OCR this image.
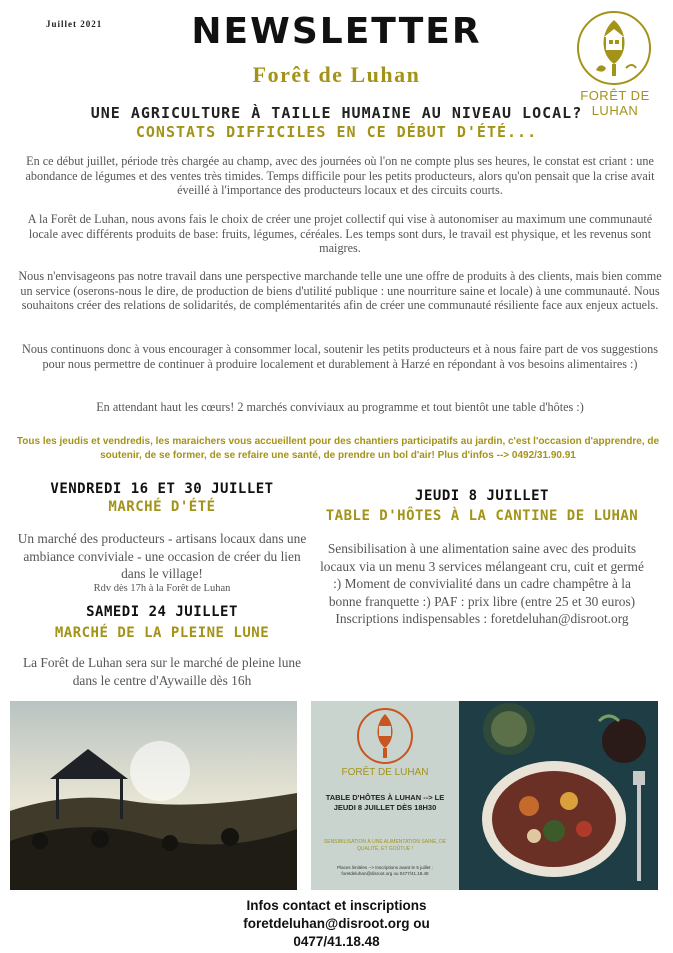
Juillet 2021	NEWSLETTER
Forêt de Luhan
FORÊT DE LUHAN
UNE AGRICULTURE À TAILLE HUMAINE AU NIVEAU LOCAL?
CONSTATS DIFFICILES EN CE DÉBUT D'ÉTÉ...

En ce début juillet, période très chargée au champ, avec des journées où l'on ne compte plus ses heures, le constat est criant : une abondance de légumes et des ventes très timides. Temps difficile pour les petits producteurs, alors qu'on pensait que la crise avait éveillé à l'importance des producteurs locaux et des circuits courts.

A la Forêt de Luhan, nous avons fais le choix de créer une projet collectif qui vise à autonomiser au maximum une communauté locale avec différents produits de base: fruits, légumes, céréales. Les temps sont durs, le travail est physique, et les revenus sont maigres.

Nous n'envisageons pas notre travail dans une perspective marchande telle une une offre de produits à des clients, mais bien comme un service (oserons-nous le dire, de production de biens d'utilité publique : une nourriture saine et locale) à une communauté. Nous souhaitons créer des relations de solidarités, de complémentarités afin de créer une communauté résiliente face aux enjeux actuels.

Nous continuons donc à vous encourager à consommer local, soutenir les petits producteurs et à nous faire part de vos suggestions pour nous permettre de continuer à produire localement et durablement à Harzé en répondant à vos besoins alimentaires :)

En attendant haut les cœurs! 2 marchés conviviaux au programme et tout bientôt une table d'hôtes :)

Tous les jeudis et vendredis, les maraichers vous accueillent pour des chantiers participatifs au jardin, c'est l'occasion d'apprendre, de soutenir, de se former, de se refaire une santé, de prendre un bol d'air! Plus d'infos --> 0492/31.90.91

VENDREDI 16 ET 30 JUILLET
MARCHÉ D'ÉTÉ

Un marché des producteurs - artisans locaux dans une ambiance conviviale - une occasion de créer du lien dans le village!

Rdv dès 17h à la Forêt de Luhan
SAMEDI 24 JUILLET
MARCHÉ DE LA PLEINE LUNE

La Forêt de Luhan sera sur le marché de pleine lune dans le centre d'Aywaille dès 16h

JEUDI 8 JUILLET
TABLE D'HÔTES À LA CANTINE DE LUHAN

Sensibilisation à une alimentation saine avec des produits locaux via un menu 3 services mélangeant cru, cuit et germé :) Moment de convivialité dans un cadre champêtre à la bonne franquette :) PAF : prix libre (entre 25 et 30 euros) Inscriptions indispensables : foretdeluhan@disroot.org

FORÊT DE LUHAN
TABLE D'HÔTES À LUHAN --> LE JEUDI 8 JUILLET DÈS 18H30
SENSIBILISATION À UNE ALIMENTATION SAINE, DE QUALITÉ, ET GOÛTUE !
Places limitées --> Inscriptions avant le 5 juillet : foretdeluhan@disroot.org ou 0477/41.18.48
Infos contact et inscriptions
foretdeluhan@disroot.org ou
0477/41.18.48
